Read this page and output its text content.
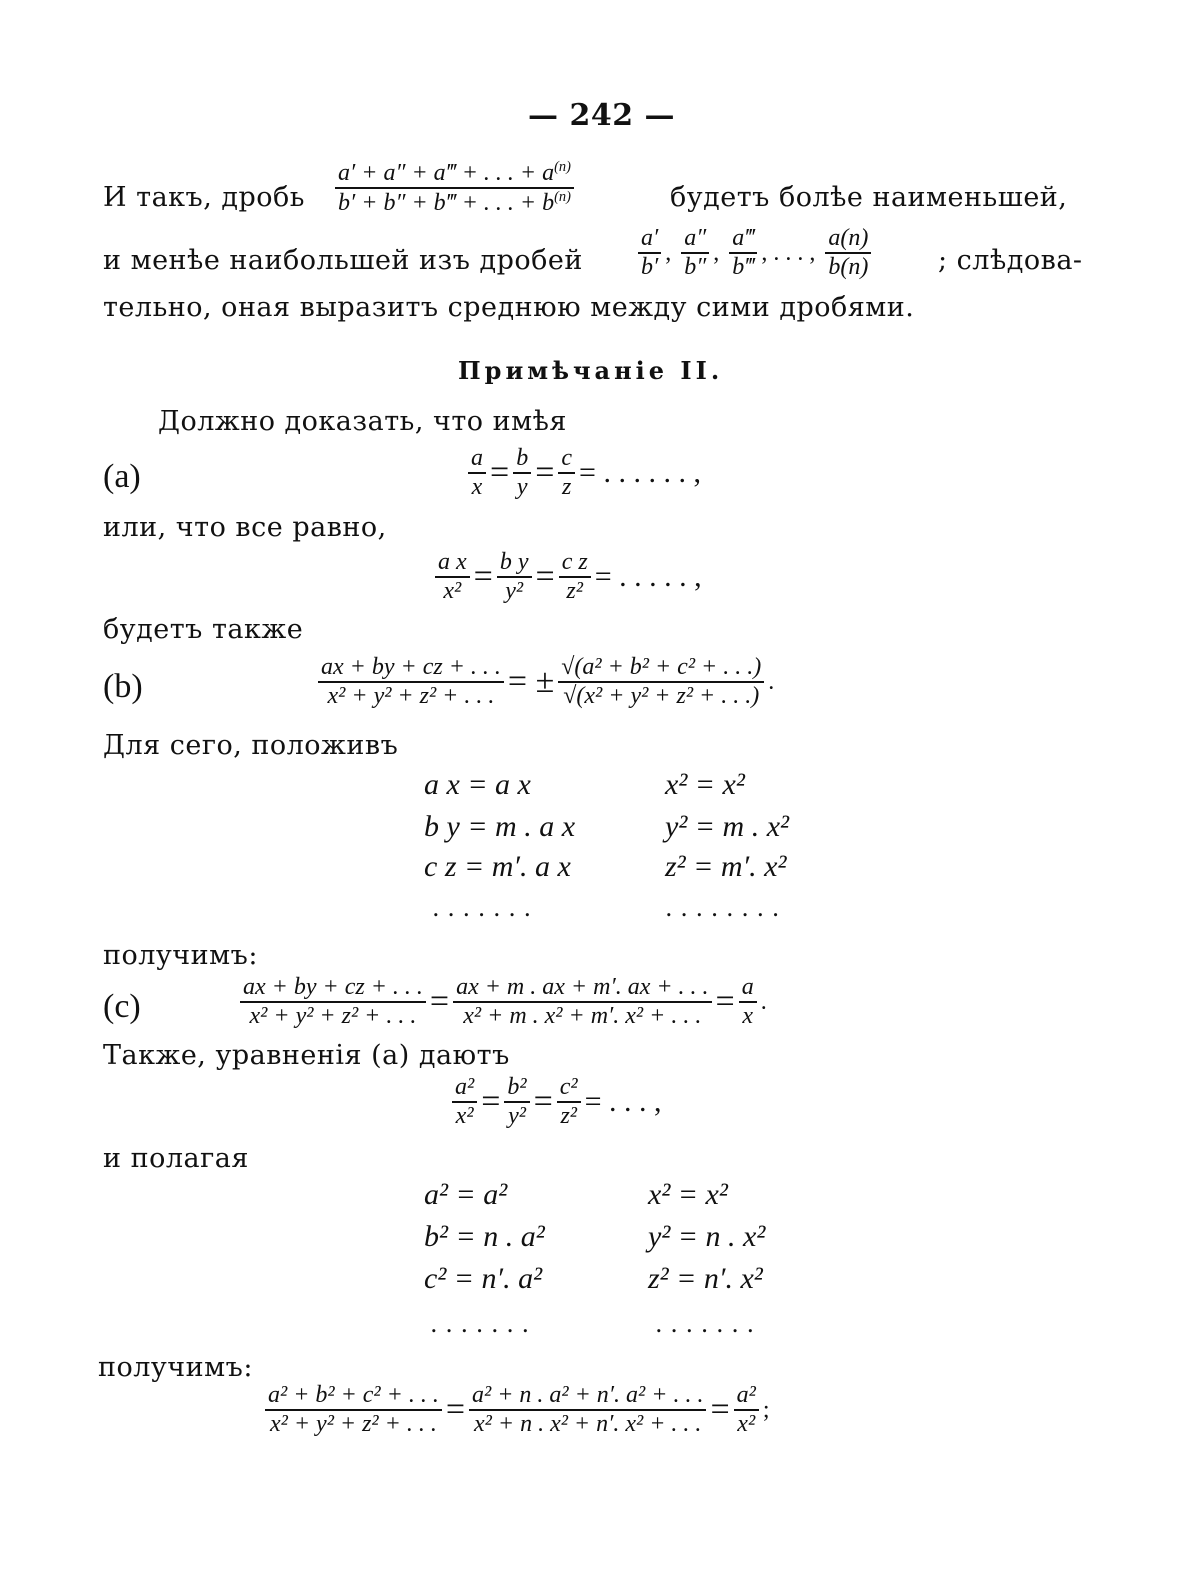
— 242 —
И такъ, дробь $\frac{a' + a'' + a‴ + . . . + a^{(n)}}{b' + b'' + b‴ + . . . + b^{(n)}}$	будетъ болѣе наименьшей,
и менѣе наибольшей изъ дробей $\frac{a'}{b'}$ , $\frac{a''}{b''}$ , $\frac{a‴}{b‴}$ , . . . , $\frac{a(n)}{b(n)}$ ; слѣдова-
тельно, оная выразитъ среднюю между сими дробями.
Примѣчаніе II.
Должно доказать, что имѣя
(a)	$\frac{a}{x} = \frac{b}{y} = \frac{c}{z}$ = . . . . . . ,
или, что все равно,
$\frac{\text{a x}}{\text{x²}} = \frac{\text{b y}}{\text{y²}} = \frac{\text{c z}}{\text{z²}}$ = . . . . . ,
будетъ также
(b)	$\frac{ax + by + cz + . . .}{\text{x² + y² + z² + . . .}}$ = ± $\frac{\text{√(a² + b² + c² + . . .)}}{\text{√(x² + y² + z² + . . .)}}$ .
Для сего, положивъ
a x = a x	x² = x²
b y = m . a x	y² = m . x²
c z = m′. a x	z² = m′. x²
. . . . . . .	. . . . . . . .
получимъ:
(c)	$\frac{ax + by + cz + . . .}{\text{x² + y² + z² + . . .}} = \frac{ax + m . ax + m'. ax + . . .}{\text{x² + m . x² + m′. x² + . . .}} = \frac{a}{x}$ .
Также, уравненія (a) даютъ
$\frac{\text{a²}}{\text{x²}} = \frac{\text{b²}}{\text{y²}} = \frac{\text{c²}}{\text{z²}}$ = . . . ,
и полагая
a² = a²	x² = x²
b² = n . a²	y² = n . x²
c² = n′. a²	z² = n′. x²
. . . . . . .	. . . . . . .
получимъ:
$\frac{\text{a² + b² + c² + . . .}}{\text{x² + y² + z² + . . .}} = \frac{\text{a² + n . a² + n′. a² + . . .}}{\text{x² + n . x² + n′. x² + . . .}} = \frac{\text{a²}}{\text{x²}}$ ;
